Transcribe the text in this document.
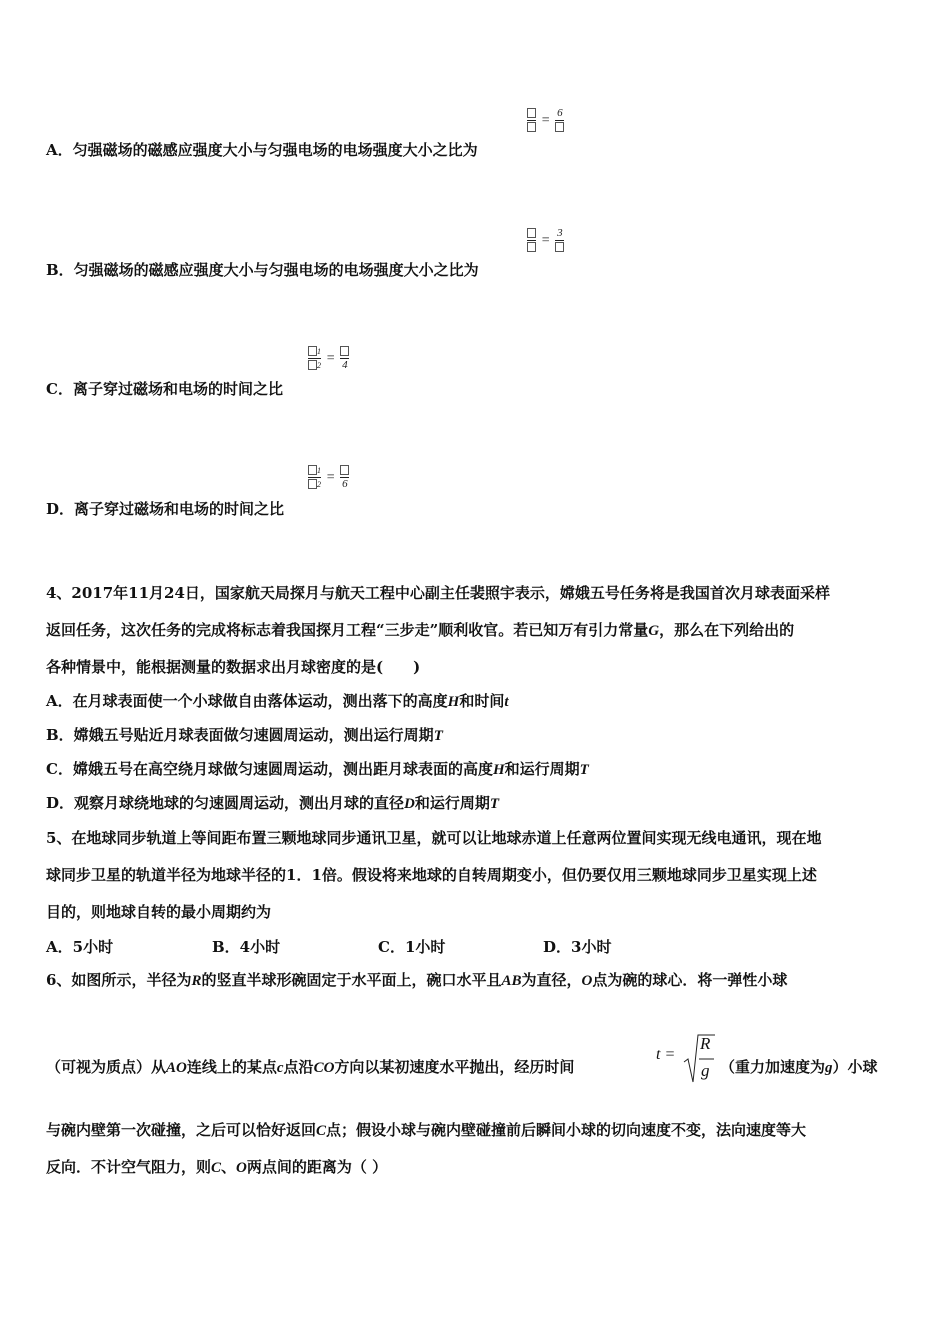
= 6
A．匀强磁场的磁感应强度大小与匀强电场的电场强度大小之比为
= 3
B．匀强磁场的磁感应强度大小与匀强电场的电场强度大小之比为
$\frac{1}{2} = 4$
C．离子穿过磁场和电场的时间之比
$\frac{1}{2} = 6$
D．离子穿过磁场和电场的时间之比
4、2017年11月24日，国家航天局探月与航天工程中心副主任裴照宇表示，嫦娥五号任务将是我国首次月球表面采样
返回任务，这次任务的完成将标志着我国探月工程“三步走”顺利收官。若已知万有引力常量G，那么在下列给出的
各种情景中，能根据测量的数据求出月球密度的是(　　)
A．在月球表面使一个小球做自由落体运动，测出落下的高度H和时间t
B．嫦娥五号贴近月球表面做匀速圆周运动，测出运行周期T
C．嫦娥五号在高空绕月球做匀速圆周运动，测出距月球表面的高度H和运行周期T
D．观察月球绕地球的匀速圆周运动，测出月球的直径D和运行周期T
5、在地球同步轨道上等间距布置三颗地球同步通讯卫星，就可以让地球赤道上任意两位置间实现无线电通讯，现在地
球同步卫星的轨道半径为地球半径的1．1倍。假设将来地球的自转周期变小，但仍要仅用三颗地球同步卫星实现上述
目的，则地球自转的最小周期约为
A．5小时	B．4小时	C．1小时	D．3小时
6、如图所示，半径为R的竖直半球形碗固定于水平面上，碗口水平且AB为直径，O点为碗的球心．将一弹性小球
（可视为质点）从AO连线上的某点c点沿CO方向以某初速度水平抛出，经历时间
t =
R
g （重力加速度为g）小球
与碗内壁第一次碰撞，之后可以恰好返回C点；假设小球与碗内壁碰撞前后瞬间小球的切向速度不变，法向速度等大
反向．不计空气阻力，则C、O两点间的距离为（ ）
